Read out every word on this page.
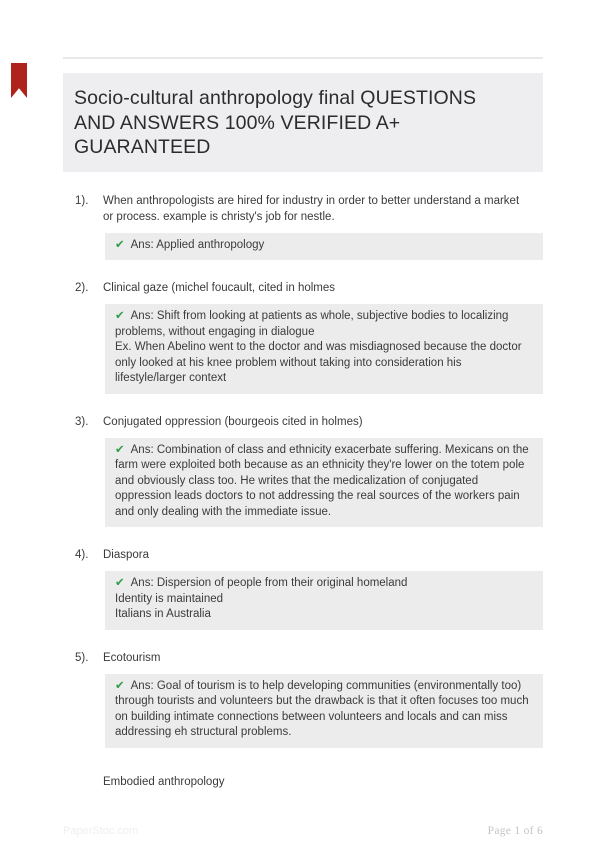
Socio-cultural anthropology final QUESTIONS
AND ANSWERS 100% VERIFIED A+
GUARANTEED
1).	When anthropologists are hired for industry in order to better understand a market or process. example is christy's job for nestle.
✔ Ans: Applied anthropology
2).	Clinical gaze (michel foucault, cited in holmes
✔ Ans: Shift from looking at patients as whole, subjective bodies to localizing problems, without engaging in dialogue
Ex. When Abelino went to the doctor and was misdiagnosed because the doctor only looked at his knee problem without taking into consideration his lifestyle/larger context
3).	Conjugated oppression (bourgeois cited in holmes)
✔ Ans: Combination of class and ethnicity exacerbate suffering. Mexicans on the farm were exploited both because as an ethnicity they're lower on the totem pole and obviously class too. He writes that the medicalization of conjugated oppression leads doctors to not addressing the real sources of the workers pain and only dealing with the immediate issue.
4).	Diaspora
✔ Ans: Dispersion of people from their original homeland
Identity is maintained
Italians in Australia
5).	Ecotourism
✔ Ans: Goal of tourism is to help developing communities (environmentally too) through tourists and volunteers but the drawback is that it often focuses too much on building intimate connections between volunteers and locals and can miss addressing eh structural problems.
Embodied anthropology
PaperStoc.com	Page 1 of 6
